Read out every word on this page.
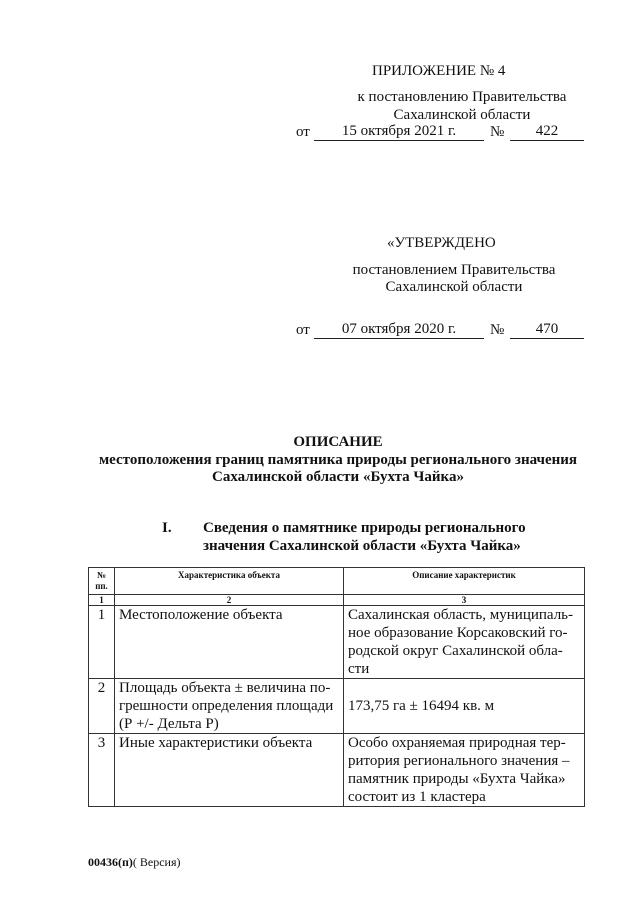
ПРИЛОЖЕНИЕ № 4
к постановлению Правительства
Сахалинской области
от	15 октября 2021 г.	№	422
«УТВЕРЖДЕНО
постановлением Правительства
Сахалинской области
от	07 октября 2020 г.	№	470
ОПИСАНИЕ
местоположения границ памятника природы регионального значения
Сахалинской области «Бухта Чайка»
I. Сведения о памятнике природы регионального
значения Сахалинской области «Бухта Чайка»
№ пп.	Характеристика объекта	Описание характеристик
1	2	3
1	Местоположение объекта	Сахалинская область, муниципаль-ное образование Корсаковский го-родской округ Сахалинской обла-сти
2	Площадь объекта ± величина по-грешности определения площади (Р +/- Дельта Р)	173,75 га ± 16494 кв. м
3	Иные характеристики объекта	Особо охраняемая природная тер-ритория регионального значения – памятник природы «Бухта Чайка» состоит из 1 кластера
00436(п)( Версия)
